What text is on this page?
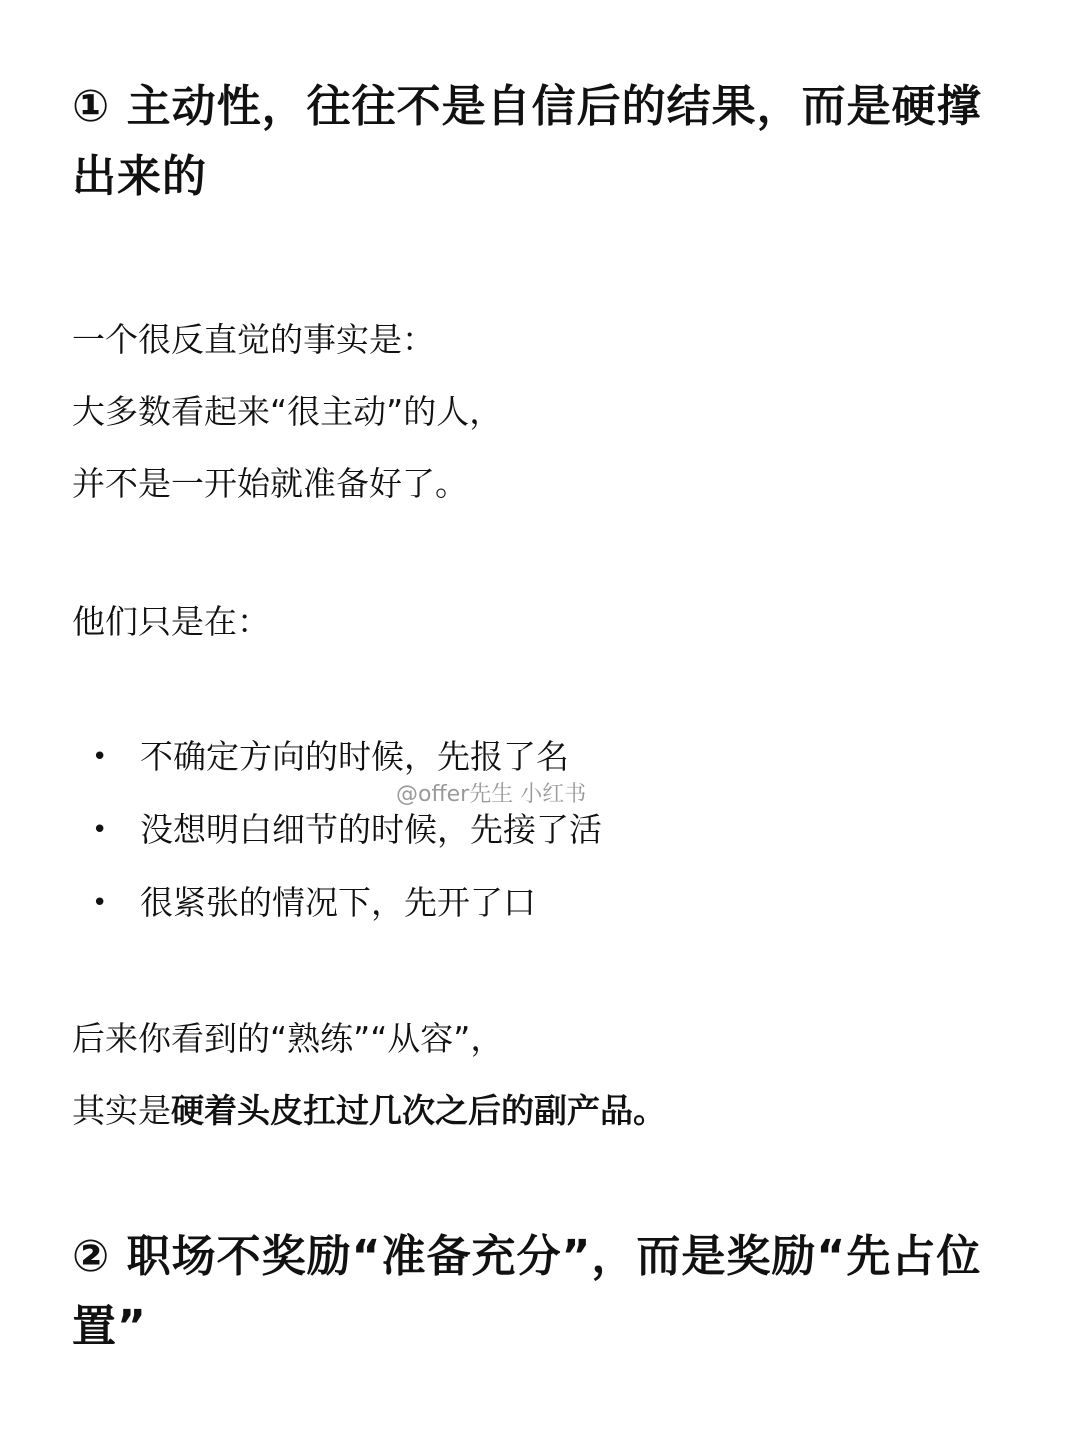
① 主动性，往往不是自信后的结果，而是硬撑出来的

一个很反直觉的事实是：

大多数看起来“很主动”的人，

并不是一开始就准备好了。

他们只是在：

• 不确定方向的时候，先报了名
• 没想明白细节的时候，先接了活
• 很紧张的情况下，先开了口
@offer先生 小红书

后来你看到的“熟练”“从容”，

其实是硬着头皮扛过几次之后的副产品。

② 职场不奖励“准备充分”，而是奖励“先占位置”
